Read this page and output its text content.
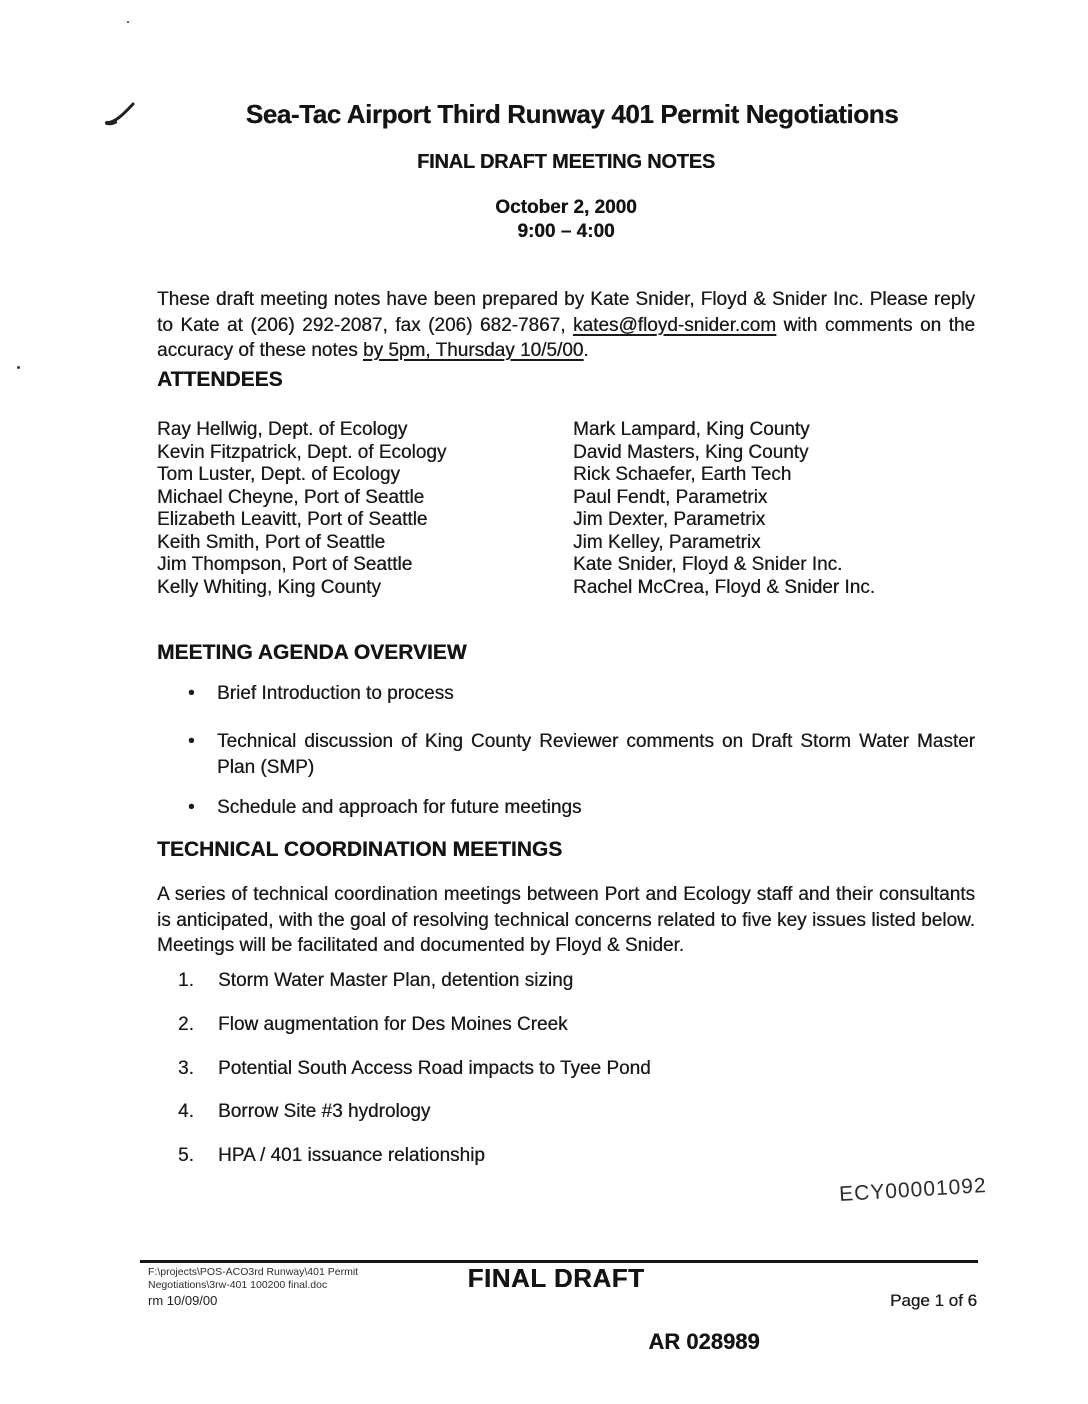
Sea-Tac Airport Third Runway 401 Permit Negotiations
FINAL DRAFT MEETING NOTES
October 2, 2000
9:00 – 4:00

These draft meeting notes have been prepared by Kate Snider, Floyd & Snider Inc. Please reply to Kate at (206) 292-2087, fax (206) 682-7867, kates@floyd-snider.com with comments on the accuracy of these notes by 5pm, Thursday 10/5/00.

ATTENDEES
Ray Hellwig, Dept. of Ecology
Kevin Fitzpatrick, Dept. of Ecology
Tom Luster, Dept. of Ecology
Michael Cheyne, Port of Seattle
Elizabeth Leavitt, Port of Seattle
Keith Smith, Port of Seattle
Jim Thompson, Port of Seattle
Kelly Whiting, King County
Mark Lampard, King County
David Masters, King County
Rick Schaefer, Earth Tech
Paul Fendt, Parametrix
Jim Dexter, Parametrix
Jim Kelley, Parametrix
Kate Snider, Floyd & Snider Inc.
Rachel McCrea, Floyd & Snider Inc.
MEETING AGENDA OVERVIEW
•
Brief Introduction to process
•
Technical discussion of King County Reviewer comments on Draft Storm Water Master Plan (SMP)
•
Schedule and approach for future meetings
TECHNICAL COORDINATION MEETINGS

A series of technical coordination meetings between Port and Ecology staff and their consultants is anticipated, with the goal of resolving technical concerns related to five key issues listed below. Meetings will be facilitated and documented by Floyd & Snider.

1. Storm Water Master Plan, detention sizing
2. Flow augmentation for Des Moines Creek
3. Potential South Access Road impacts to Tyee Pond
4. Borrow Site #3 hydrology
5. HPA / 401 issuance relationship
ECY00001092
F:\projects\POS-ACO3rd Runway\401 Permit
Negotiations\3rw-401 100200 final.doc
rm 10/09/00
FINAL DRAFT
Page 1 of 6
AR 028989
